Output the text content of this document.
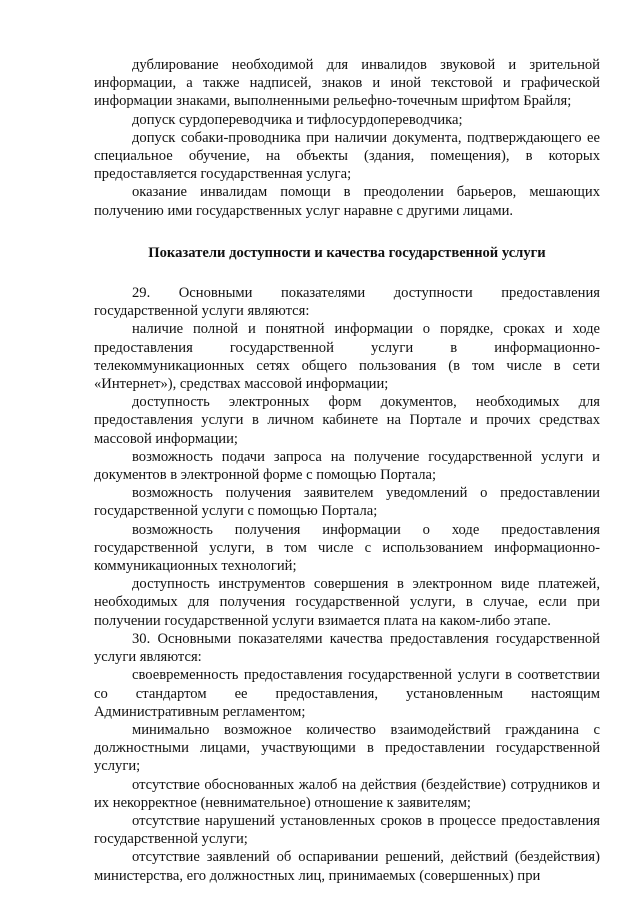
дублирование необходимой для инвалидов звуковой и зрительной информации, а также надписей, знаков и иной текстовой и графической информации знаками, выполненными рельефно-точечным шрифтом Брайля;

допуск сурдопереводчика и тифлосурдопереводчика;

допуск собаки-проводника при наличии документа, подтверждающего ее специальное обучение, на объекты (здания, помещения), в которых предоставляется государственная услуга;

оказание инвалидам помощи в преодолении барьеров, мешающих получению ими государственных услуг наравне с другими лицами.

Показатели доступности и качества государственной услуги

29. Основными показателями доступности предоставления государственной услуги являются:

наличие полной и понятной информации о порядке, сроках и ходе предоставления государственной услуги в информационно-телекоммуникационных сетях общего пользования (в том числе в сети «Интернет»), средствах массовой информации;

доступность электронных форм документов, необходимых для предоставления услуги в личном кабинете на Портале и прочих средствах массовой информации;

возможность подачи запроса на получение государственной услуги и документов в электронной форме с помощью Портала;

возможность получения заявителем уведомлений о предоставлении государственной услуги с помощью Портала;

возможность получения информации о ходе предоставления государственной услуги, в том числе с использованием информационно-коммуникационных технологий;

доступность инструментов совершения в электронном виде платежей, необходимых для получения государственной услуги, в случае, если при получении государственной услуги взимается плата на каком-либо этапе.

30. Основными показателями качества предоставления государственной услуги являются:

своевременность предоставления государственной услуги в соответствии со стандартом ее предоставления, установленным настоящим Административным регламентом;

минимально возможное количество взаимодействий гражданина с должностными лицами, участвующими в предоставлении государственной услуги;

отсутствие обоснованных жалоб на действия (бездействие) сотрудников и их некорректное (невнимательное) отношение к заявителям;

отсутствие нарушений установленных сроков в процессе предоставления государственной услуги;

отсутствие заявлений об оспаривании решений, действий (бездействия) министерства, его должностных лиц, принимаемых (совершенных) при
